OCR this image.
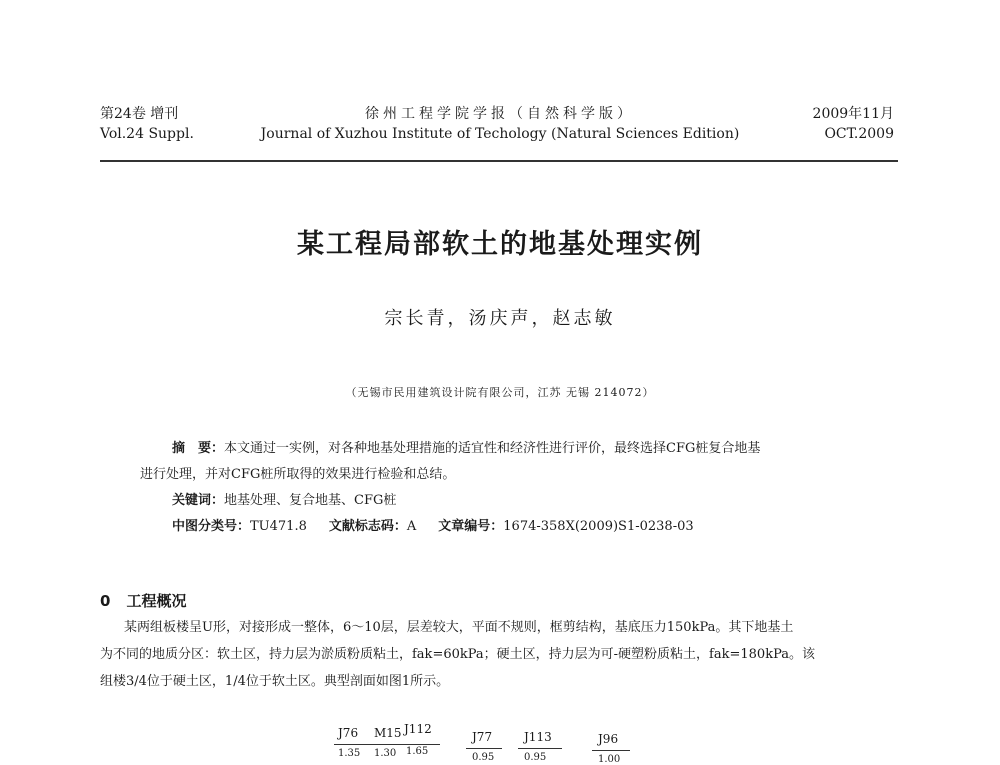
第24卷 增刊
Vol.24 Suppl.
徐州工程学院学报（自然科学版）
Journal of Xuzhou Institute of Techology (Natural Sciences Edition)
2009年11月
OCT.2009
某工程局部软土的地基处理实例
宗长青，汤庆声，赵志敏
（无锡市民用建筑设计院有限公司，江苏 无锡 214072）

摘　要：本文通过一实例，对各种地基处理措施的适宜性和经济性进行评价，最终选择CFG桩复合地基

进行处理，并对CFG桩所取得的效果进行检验和总结。

关键词：地基处理、复合地基、CFG桩

中图分类号：TU471.8 文献标志码：A 文章编号：1674-358X(2009)S1-0238-03

0 工程概况

某两组板楼呈U形，对接形成一整体，6～10层，层差较大，平面不规则，框剪结构，基底压力150kPa。其下地基土

为不同的地质分区：软土区，持力层为淤质粉质粘土，fak=60kPa；硬土区，持力层为可-硬塑粉质粘土，fak=180kPa。该

组楼3/4位于硬土区，1/4位于软土区。典型剖面如图1所示。

J76 M15 J112
J77	J113	J96
1.35 1.30 1.65
0.95	0.95	1.00
